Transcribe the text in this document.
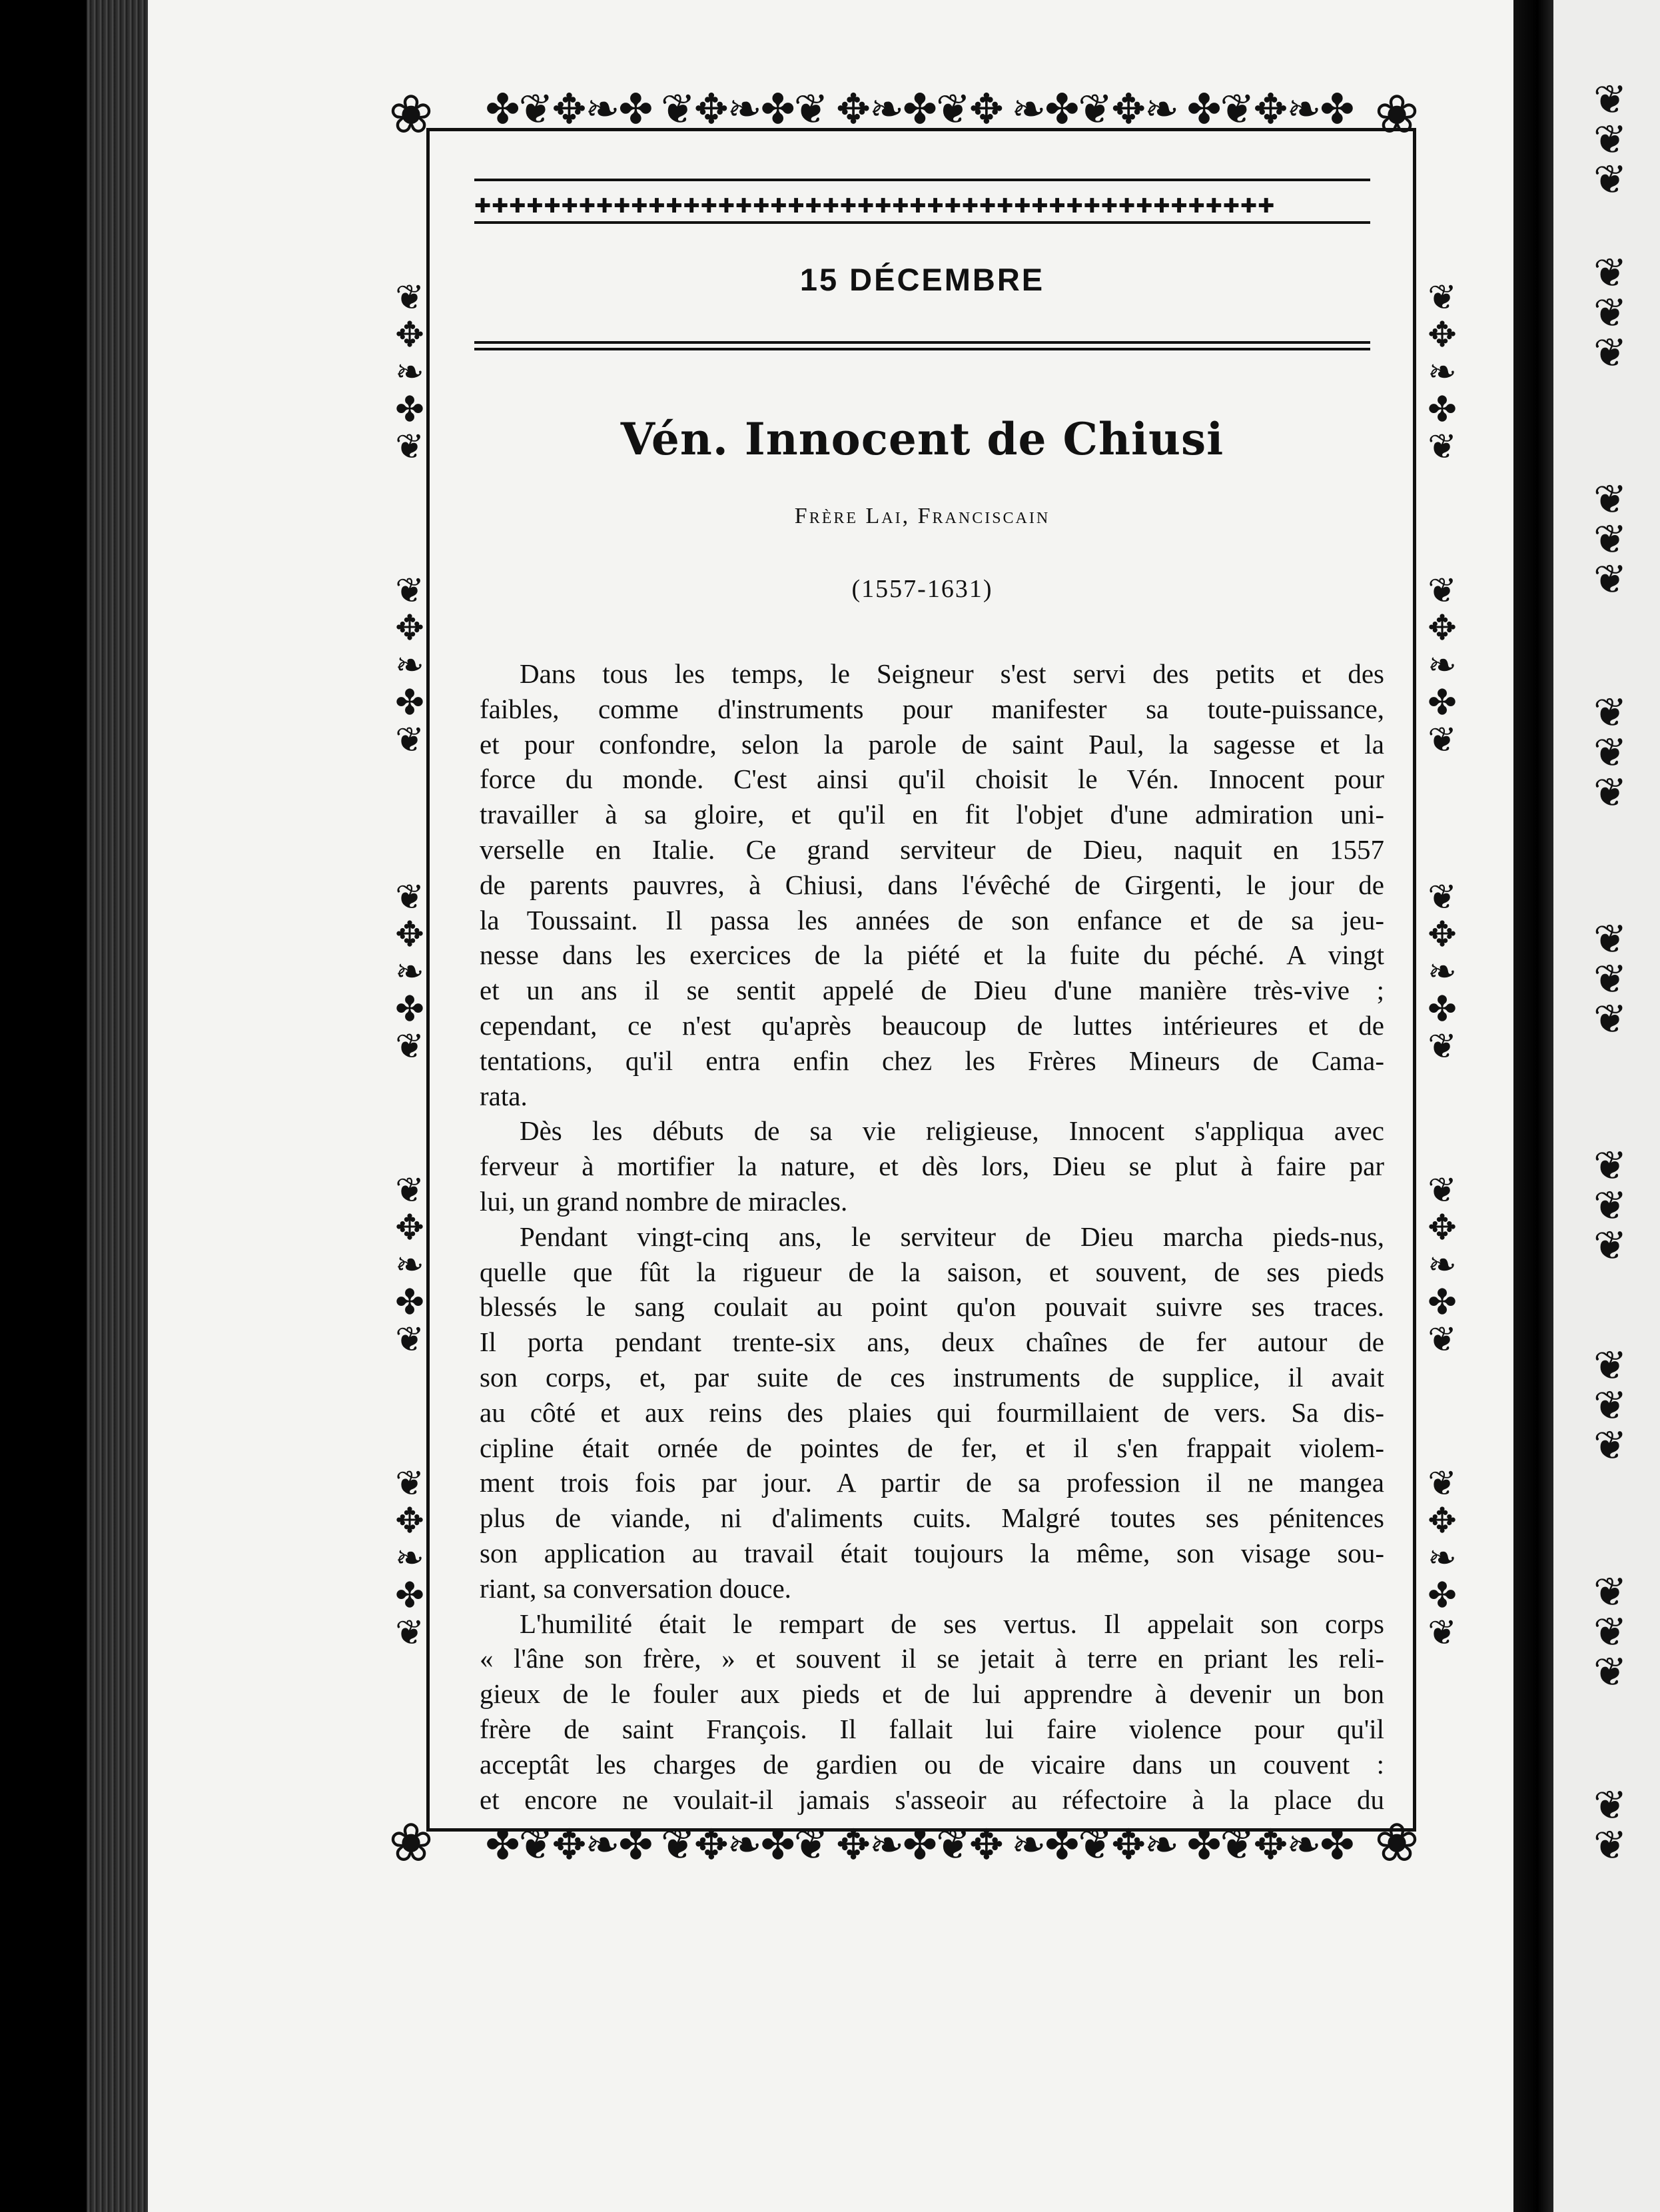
❦
❦
❦
❦
❦
❦
❦
❦
❦
❦
❦
❦
❦
❦
❦
❦
❦
❦
❦
❦
❦
❦
❦
❦
❦
❦
✤❦✥❧✤ ❦✥❧✤❦ ✥❧✤❦✥ ❧✤❦✥❧ ✤❦✥❧✤
✤❦✥❧✤ ❦✥❧✤❦ ✥❧✤❦✥ ❧✤❦✥❧ ✤❦✥❧✤
❀	❀
❀	❀
❦
✥
❧
✤
❦
❦
✥
❧
✤
❦
❦
✥
❧
✤
❦
❦
✥
❧
✤
❦
❦
✥
❧
✤
❦
❦
✥
❧
✤
❦
❦
✥
❧
✤
❦
❦
✥
❧
✤
❦
❦
✥
❧
✤
❦
❦
✥
❧
✤
❦
✚✚✚✚✚✚✚✚✚✚✚✚✚✚✚✚✚✚✚✚✚✚✚✚✚✚✚✚✚✚✚✚✚✚✚✚✚✚✚✚✚✚✚✚✚✚
15 DÉCEMBRE
Vén. Innocent de Chiusi
Frère Lai, Franciscain
(1557-1631)
Dans tous les temps, le Seigneur s'est servi des petits et des
faibles, comme d'instruments pour manifester sa toute-puissance,
et pour confondre, selon la parole de saint Paul, la sagesse et la
force du monde. C'est ainsi qu'il choisit le Vén. Innocent pour
travailler à sa gloire, et qu'il en fit l'objet d'une admiration uni-
verselle en Italie. Ce grand serviteur de Dieu, naquit en 1557
de parents pauvres, à Chiusi, dans l'évêché de Girgenti, le jour de
la Toussaint. Il passa les années de son enfance et de sa jeu-
nesse dans les exercices de la piété et la fuite du péché. A vingt
et un ans il se sentit appelé de Dieu d'une manière très-vive ;
cependant, ce n'est qu'après beaucoup de luttes intérieures et de
tentations, qu'il entra enfin chez les Frères Mineurs de Cama-
rata.
Dès les débuts de sa vie religieuse, Innocent s'appliqua avec
ferveur à mortifier la nature, et dès lors, Dieu se plut à faire par
lui, un grand nombre de miracles.
Pendant vingt-cinq ans, le serviteur de Dieu marcha pieds-nus,
quelle que fût la rigueur de la saison, et souvent, de ses pieds
blessés le sang coulait au point qu'on pouvait suivre ses traces.
Il porta pendant trente-six ans, deux chaînes de fer autour de
son corps, et, par suite de ces instruments de supplice, il avait
au côté et aux reins des plaies qui fourmillaient de vers. Sa dis-
cipline était ornée de pointes de fer, et il s'en frappait violem-
ment trois fois par jour. A partir de sa profession il ne mangea
plus de viande, ni d'aliments cuits. Malgré toutes ses pénitences
son application au travail était toujours la même, son visage sou-
riant, sa conversation douce.
L'humilité était le rempart de ses vertus. Il appelait son corps
« l'âne son frère, » et souvent il se jetait à terre en priant les reli-
gieux de le fouler aux pieds et de lui apprendre à devenir un bon
frère de saint François. Il fallait lui faire violence pour qu'il
acceptât les charges de gardien ou de vicaire dans un couvent :
et encore ne voulait-il jamais s'asseoir au réfectoire à la place du
